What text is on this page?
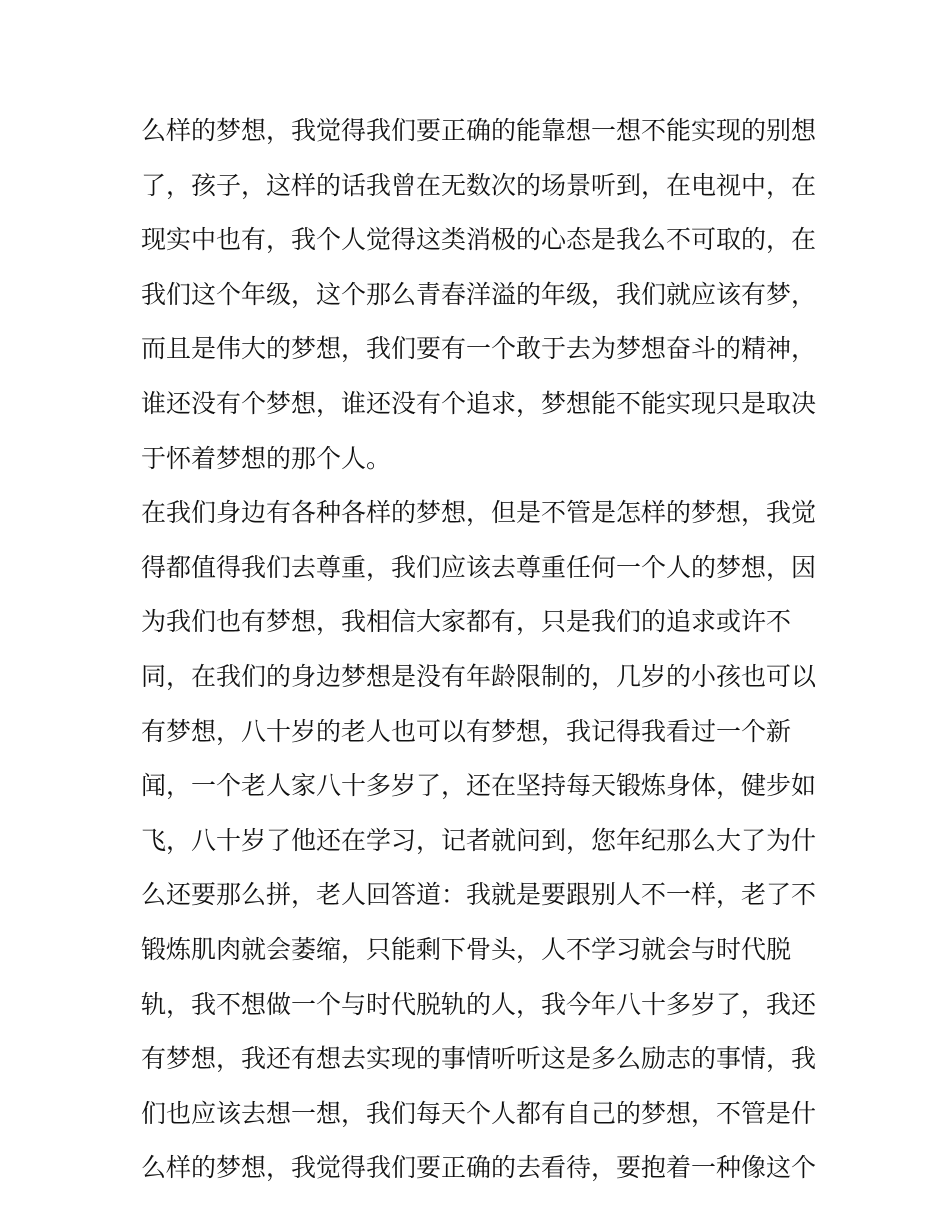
么样的梦想，我觉得我们要正确的能靠想一想不能实现的别想
了，孩子，这样的话我曾在无数次的场景听到，在电视中，在
现实中也有，我个人觉得这类消极的心态是我么不可取的，在
我们这个年级，这个那么青春洋溢的年级，我们就应该有梦，
而且是伟大的梦想，我们要有一个敢于去为梦想奋斗的精神，
谁还没有个梦想，谁还没有个追求，梦想能不能实现只是取决
于怀着梦想的那个人。
在我们身边有各种各样的梦想，但是不管是怎样的梦想，我觉
得都值得我们去尊重，我们应该去尊重任何一个人的梦想，因
为我们也有梦想，我相信大家都有，只是我们的追求或许不
同，在我们的身边梦想是没有年龄限制的，几岁的小孩也可以
有梦想，八十岁的老人也可以有梦想，我记得我看过一个新
闻，一个老人家八十多岁了，还在坚持每天锻炼身体，健步如
飞，八十岁了他还在学习，记者就问到，您年纪那么大了为什
么还要那么拼，老人回答道：我就是要跟别人不一样，老了不
锻炼肌肉就会萎缩，只能剩下骨头，人不学习就会与时代脱
轨，我不想做一个与时代脱轨的人，我今年八十多岁了，我还
有梦想，我还有想去实现的事情听听这是多么励志的事情，我
们也应该去想一想，我们每天个人都有自己的梦想，不管是什
么样的梦想，我觉得我们要正确的去看待，要抱着一种像这个
